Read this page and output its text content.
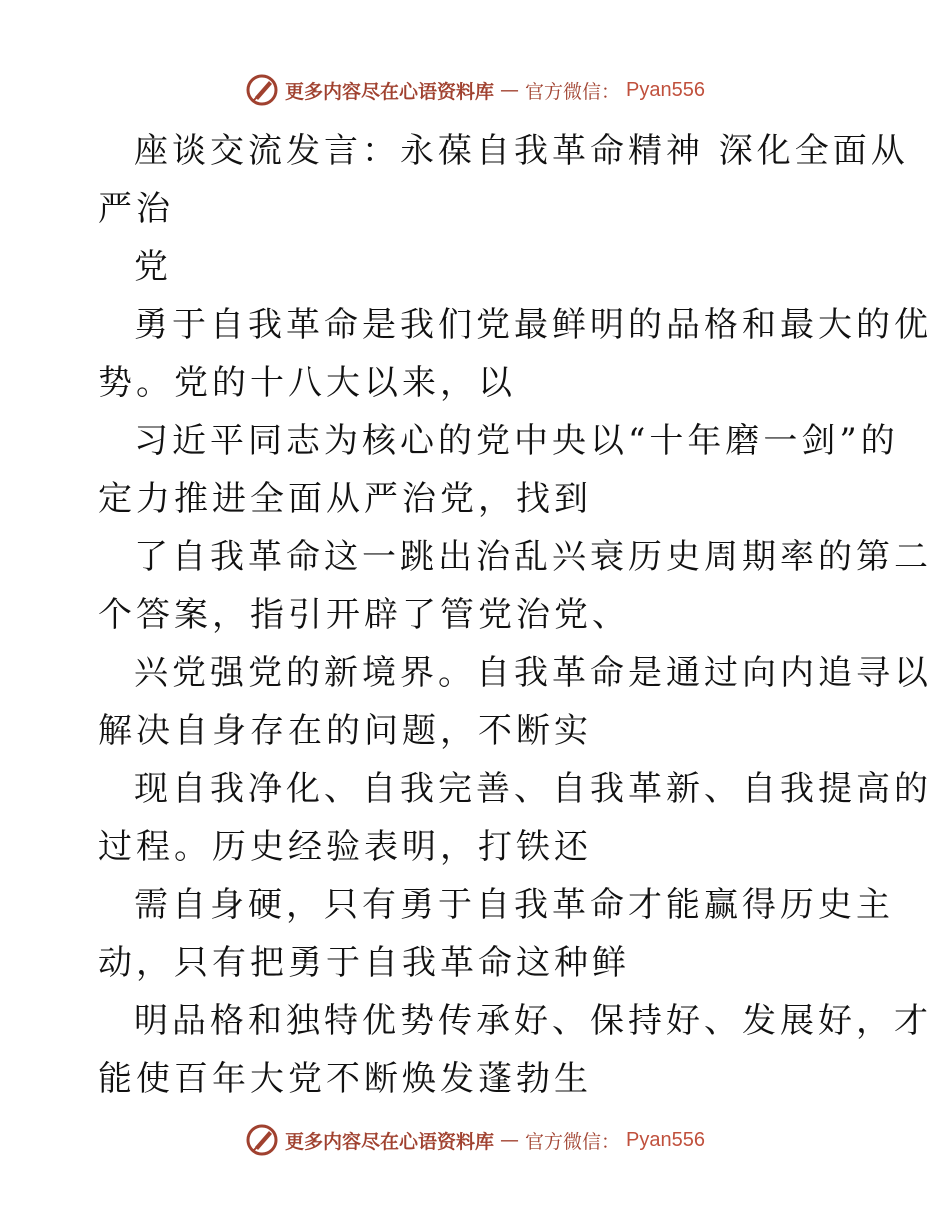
更多内容尽在心语资料库 — 官方微信： Pyan556
座谈交流发言：永葆自我革命精神 深化全面从
严治
党
勇于自我革命是我们党最鲜明的品格和最大的优
势。党的十八大以来，以
习近平同志为核心的党中央以“十年磨一剑”的
定力推进全面从严治党，找到
了自我革命这一跳出治乱兴衰历史周期率的第二
个答案，指引开辟了管党治党、
兴党强党的新境界。自我革命是通过向内追寻以
解决自身存在的问题，不断实
现自我净化、自我完善、自我革新、自我提高的
过程。历史经验表明，打铁还
需自身硬，只有勇于自我革命才能赢得历史主
动，只有把勇于自我革命这种鲜
明品格和独特优势传承好、保持好、发展好，才
能使百年大党不断焕发蓬勃生
更多内容尽在心语资料库 — 官方微信： Pyan556
